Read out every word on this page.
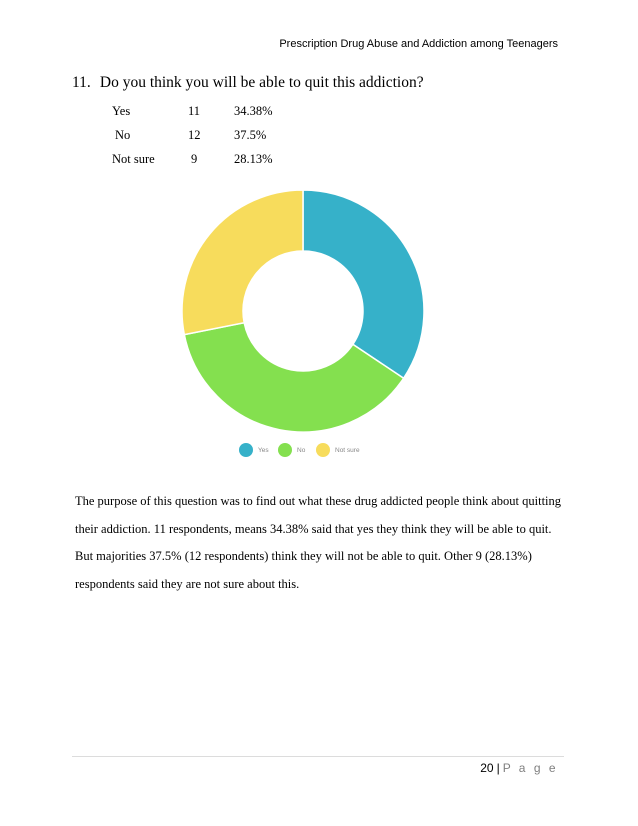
Prescription Drug Abuse and Addiction among Teenagers
11. Do you think you will be able to quit this addiction?
Yes	11	34.38%
No	12	37.5%
Not sure	9	28.13%
Yes	No	Not sure

The purpose of this question was to find out what these drug addicted people think about quitting

their addiction. 11 respondents, means 34.38% said that yes they think they will be able to quit.

But majorities 37.5% (12 respondents) think they will not be able to quit. Other 9 (28.13%)

respondents said they are not sure about this.

20 | P a g e
